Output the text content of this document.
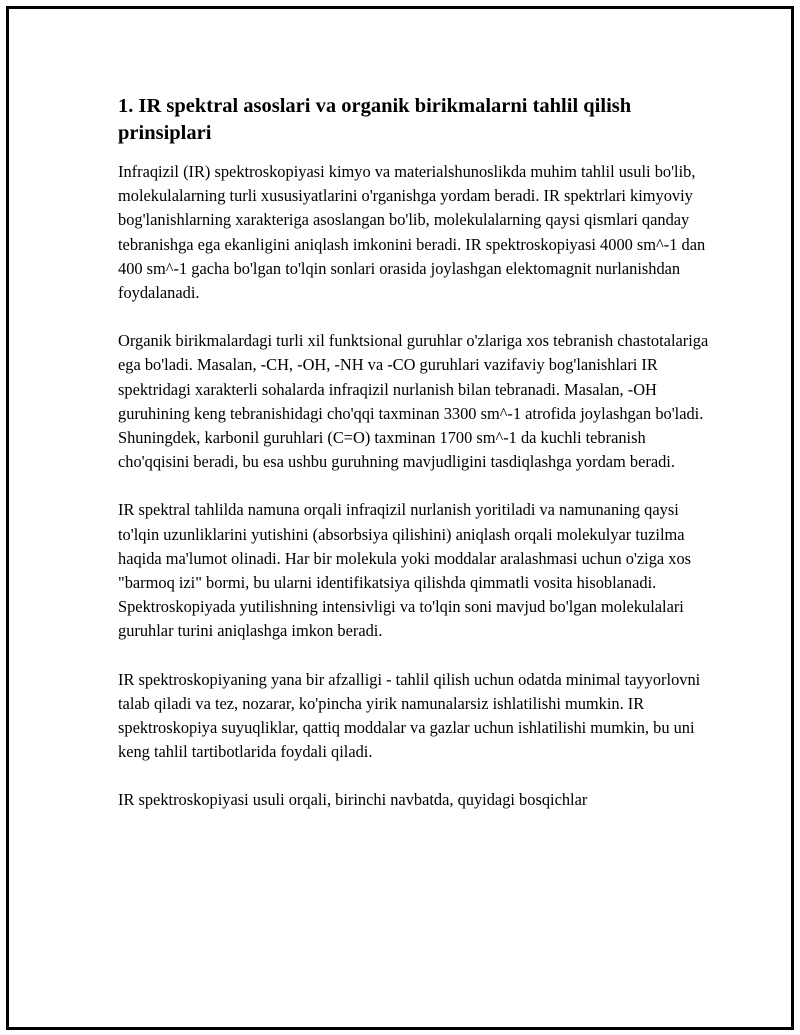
1. IR spektral asoslari va organik birikmalarni tahlil qilish prinsiplari

Infraqizil (IR) spektroskopiyasi kimyo va materialshunoslikda muhim tahlil usuli bo'lib, molekulalarning turli xususiyatlarini o'rganishga yordam beradi. IR spektrlari kimyoviy bog'lanishlarning xarakteriga asoslangan bo'lib, molekulalarning qaysi qismlari qanday tebranishga ega ekanligini aniqlash imkonini beradi. IR spektroskopiyasi 4000 sm^-1 dan 400 sm^-1 gacha bo'lgan to'lqin sonlari orasida joylashgan elektomagnit nurlanishdan foydalanadi.

Organik birikmalardagi turli xil funktsional guruhlar o'zlariga xos tebranish chastotalariga ega bo'ladi. Masalan, -CH, -OH, -NH va -CO guruhlari vazifaviy bog'lanishlari IR spektridagi xarakterli sohalarda infraqizil nurlanish bilan tebranadi. Masalan, -OH guruhining keng tebranishidagi cho'qqi taxminan 3300 sm^-1 atrofida joylashgan bo'ladi. Shuningdek, karbonil guruhlari (C=O) taxminan 1700 sm^-1 da kuchli tebranish cho'qqisini beradi, bu esa ushbu guruhning mavjudligini tasdiqlashga yordam beradi.

IR spektral tahlilda namuna orqali infraqizil nurlanish yoritiladi va namunaning qaysi to'lqin uzunliklarini yutishini (absorbsiya qilishini) aniqlash orqali molekulyar tuzilma haqida ma'lumot olinadi. Har bir molekula yoki moddalar aralashmasi uchun o'ziga xos "barmoq izi" bormi, bu ularni identifikatsiya qilishda qimmatli vosita hisoblanadi. Spektroskopiyada yutilishning intensivligi va to'lqin soni mavjud bo'lgan molekulalari guruhlar turini aniqlashga imkon beradi.

IR spektroskopiyaning yana bir afzalligi - tahlil qilish uchun odatda minimal tayyorlovni talab qiladi va tez, nozarar, ko'pincha yirik namunalarsiz ishlatilishi mumkin. IR spektroskopiya suyuqliklar, qattiq moddalar va gazlar uchun ishlatilishi mumkin, bu uni keng tahlil tartibotlarida foydali qiladi.

IR spektroskopiyasi usuli orqali, birinchi navbatda, quyidagi bosqichlar
